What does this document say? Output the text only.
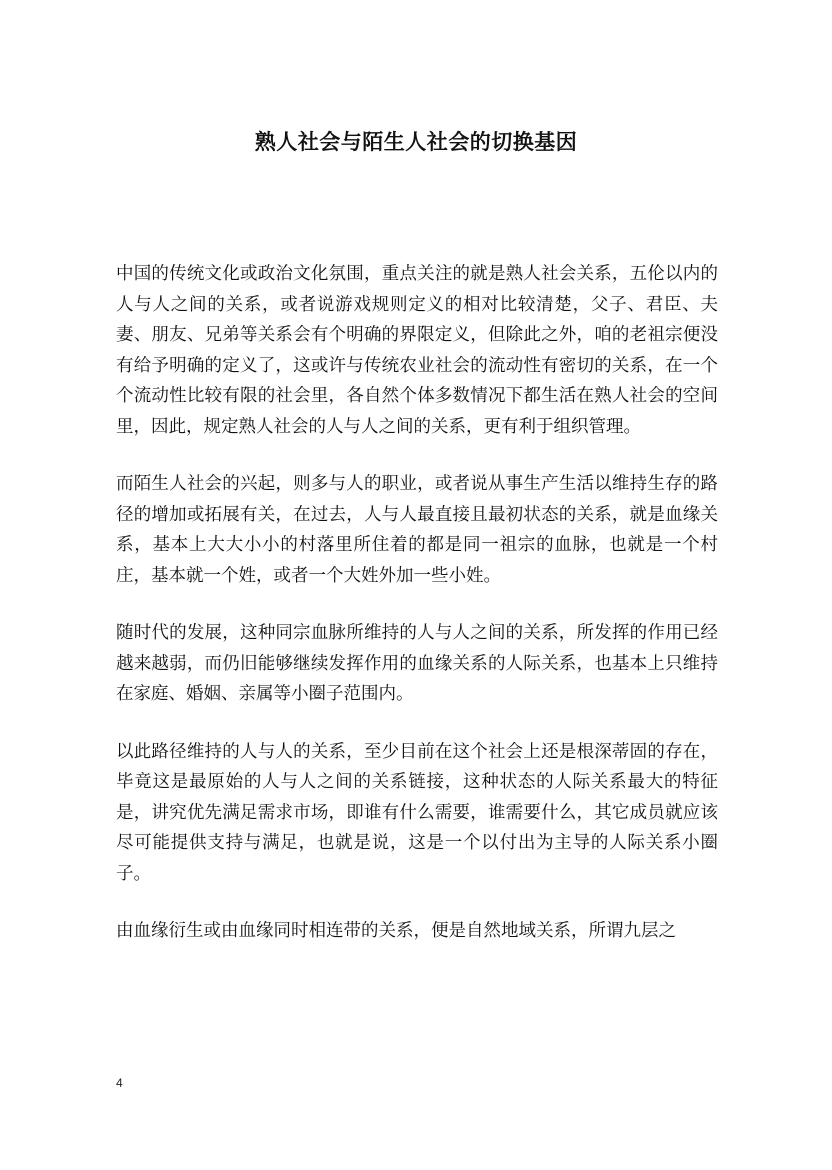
熟人社会与陌生人社会的切换基因

中国的传统文化或政治文化氛围，重点关注的就是熟人社会关系，五伦以内的人与人之间的关系，或者说游戏规则定义的相对比较清楚，父子、君臣、夫妻、朋友、兄弟等关系会有个明确的界限定义，但除此之外，咱的老祖宗便没有给予明确的定义了，这或许与传统农业社会的流动性有密切的关系，在一个个流动性比较有限的社会里，各自然个体多数情况下都生活在熟人社会的空间里，因此，规定熟人社会的人与人之间的关系，更有利于组织管理。

而陌生人社会的兴起，则多与人的职业，或者说从事生产生活以维持生存的路径的增加或拓展有关，在过去，人与人最直接且最初状态的关系，就是血缘关系，基本上大大小小的村落里所住着的都是同一祖宗的血脉，也就是一个村庄，基本就一个姓，或者一个大姓外加一些小姓。

随时代的发展，这种同宗血脉所维持的人与人之间的关系，所发挥的作用已经越来越弱，而仍旧能够继续发挥作用的血缘关系的人际关系，也基本上只维持在家庭、婚姻、亲属等小圈子范围内。

以此路径维持的人与人的关系，至少目前在这个社会上还是根深蒂固的存在，毕竟这是最原始的人与人之间的关系链接，这种状态的人际关系最大的特征是，讲究优先满足需求市场，即谁有什么需要，谁需要什么，其它成员就应该尽可能提供支持与满足，也就是说，这是一个以付出为主导的人际关系小圈子。

由血缘衍生或由血缘同时相连带的关系，便是自然地域关系，所谓九层之

4
